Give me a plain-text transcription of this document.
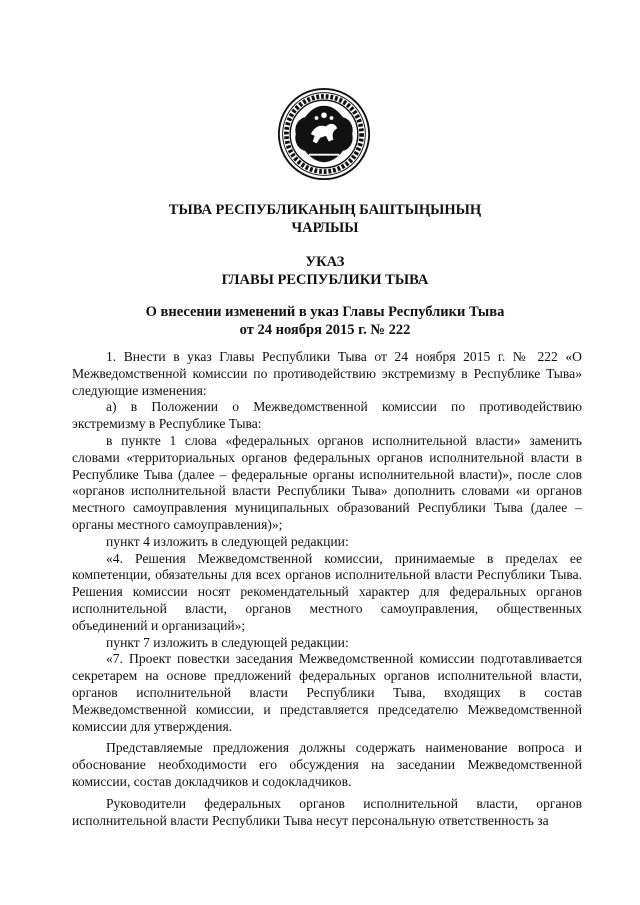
ТЫВА РЕСПУБЛИКАНЫҢ БАШТЫҢЫНЫҢ
ЧАРЛЫЫ
УКАЗ
ГЛАВЫ РЕСПУБЛИКИ ТЫВА
О внесении изменений в указ Главы Республики Тыва
от 24 ноября 2015 г. № 222

1. Внести в указ Главы Республики Тыва от 24 ноября 2015 г. № 222 «О Межведомственной комиссии по противодействию экстремизму в Республике Тыва» следующие изменения:

а) в Положении о Межведомственной комиссии по противодействию экстремизму в Республике Тыва:

в пункте 1 слова «федеральных органов исполнительной власти» заменить словами «территориальных органов федеральных органов исполнительной власти в Республике Тыва (далее – федеральные органы исполнительной власти)», после слов «органов исполнительной власти Республики Тыва» дополнить словами «и органов местного самоуправления муниципальных образований Республики Тыва (далее – органы местного самоуправления)»;

пункт 4 изложить в следующей редакции:

«4. Решения Межведомственной комиссии, принимаемые в пределах ее компетенции, обязательны для всех органов исполнительной власти Республики Тыва. Решения комиссии носят рекомендательный характер для федеральных органов исполнительной власти, органов местного самоуправления, общественных объединений и организаций»;

пункт 7 изложить в следующей редакции:

«7. Проект повестки заседания Межведомственной комиссии подготавливается секретарем на основе предложений федеральных органов исполнительной власти, органов исполнительной власти Республики Тыва, входящих в состав Межведомственной комиссии, и представляется председателю Межведомственной комиссии для утверждения.

Представляемые предложения должны содержать наименование вопроса и обоснование необходимости его обсуждения на заседании Межведомственной комиссии, состав докладчиков и содокладчиков.

Руководители федеральных органов исполнительной власти, органов исполнительной власти Республики Тыва несут персональную ответственность за
